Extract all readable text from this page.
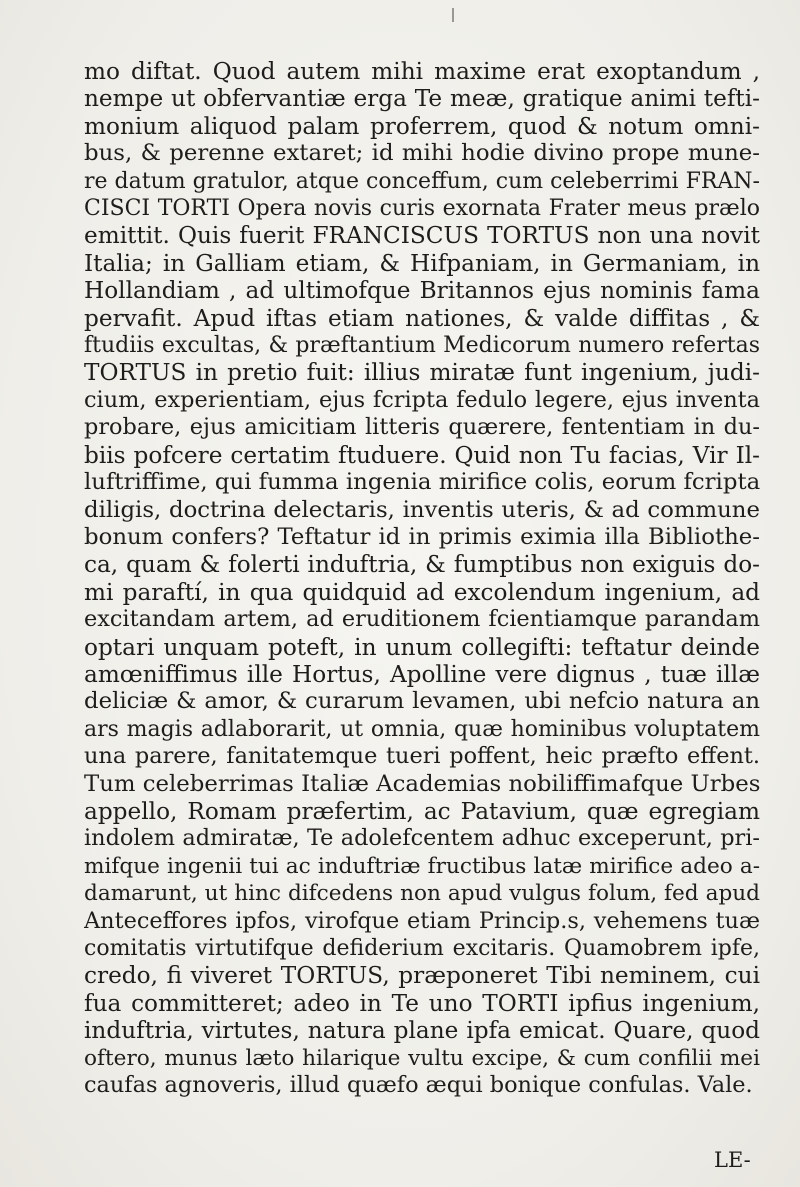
mo diftat. Quod autem mihi maxime erat exoptandum ,
nempe ut obfervantiæ erga Te meæ, gratique animi tefti-
monium aliquod palam proferrem, quod & notum omni-
bus, & perenne extaret; id mihi hodie divino prope mune-
re datum gratulor, atque conceffum, cum celeberrimi FRAN-
CISCI TORTI Opera novis curis exornata Frater meus prælo
emittit. Quis fuerit FRANCISCUS TORTUS non una novit
Italia; in Galliam etiam, & Hifpaniam, in Germaniam, in
Hollandiam , ad ultimofque Britannos ejus nominis fama
pervafit. Apud iftas etiam nationes, & valde diffitas , &
ftudiis excultas, & præftantium Medicorum numero refertas
TORTUS in pretio fuit: illius miratæ funt ingenium, judi-
cium, experientiam, ejus fcripta fedulo legere, ejus inventa
probare, ejus amicitiam litteris quærere, fententiam in du-
biis pofcere certatim ftuduere. Quid non Tu facias, Vir Il-
luftriffime, qui fumma ingenia mirifice colis, eorum fcripta
diligis, doctrina delectaris, inventis uteris, & ad commune
bonum confers? Teftatur id in primis eximia illa Bibliothe-
ca, quam & folerti induftria, & fumptibus non exiguis do-
mi paraftí, in qua quidquid ad excolendum ingenium, ad
excitandam artem, ad eruditionem fcientiamque parandam
optari unquam poteft, in unum collegifti: teftatur deinde
amœniffimus ille Hortus, Apolline vere dignus , tuæ illæ
deliciæ & amor, & curarum levamen, ubi nefcio natura an
ars magis adlaborarit, ut omnia, quæ hominibus voluptatem
una parere, fanitatemque tueri poffent, heic præfto effent.
Tum celeberrimas Italiæ Academias nobiliffimafque Urbes
appello, Romam præfertim, ac Patavium, quæ egregiam
indolem admiratæ, Te adolefcentem adhuc exceperunt, pri-
mifque ingenii tui ac induftriæ fructibus latæ mirifice adeo a-
damarunt, ut hinc difcedens non apud vulgus folum, fed apud
Anteceffores ipfos, virofque etiam Princip.s, vehemens tuæ
comitatis virtutifque defiderium excitaris. Quamobrem ipfe,
credo, fi viveret TORTUS, præponeret Tibi neminem, cui
fua committeret; adeo in Te uno TORTI ipfius ingenium,
induftria, virtutes, natura plane ipfa emicat. Quare, quod
oftero, munus læto hilarique vultu excipe, & cum confilii mei
caufas agnoveris, illud quæfo æqui bonique confulas. Vale.
LE-
